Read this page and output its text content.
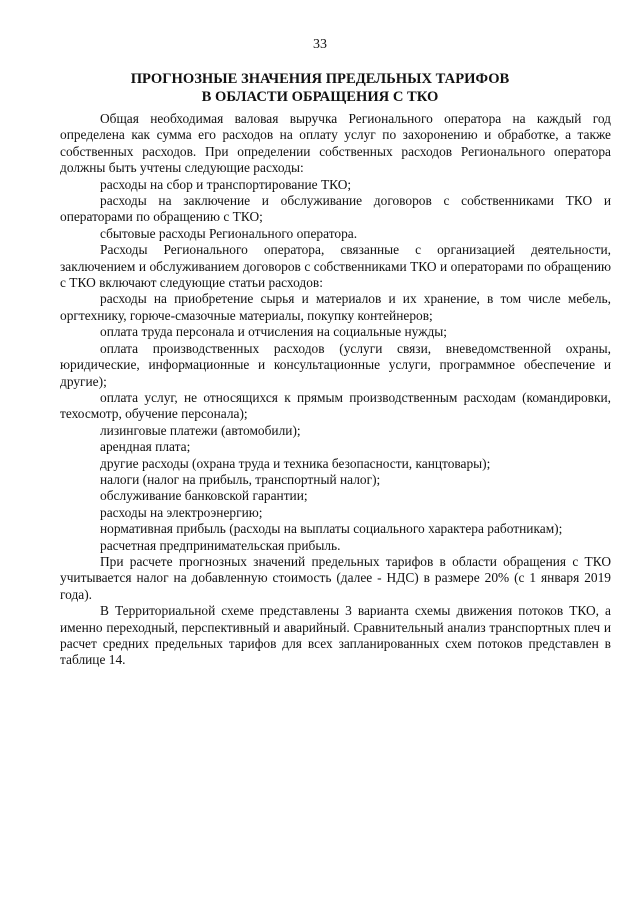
33
ПРОГНОЗНЫЕ ЗНАЧЕНИЯ ПРЕДЕЛЬНЫХ ТАРИФОВ
В ОБЛАСТИ ОБРАЩЕНИЯ С ТКО

Общая необходимая валовая выручка Регионального оператора на каждый год определена как сумма его расходов на оплату услуг по захоронению и обработке, а также собственных расходов. При определении собственных расходов Регионального оператора должны быть учтены следующие расходы:

расходы на сбор и транспортирование ТКО;

расходы на заключение и обслуживание договоров с собственниками ТКО и операторами по обращению с ТКО;

сбытовые расходы Регионального оператора.

Расходы Регионального оператора, связанные с организацией деятельности, заключением и обслуживанием договоров с собственниками ТКО и операторами по обращению с ТКО включают следующие статьи расходов:

расходы на приобретение сырья и материалов и их хранение, в том числе мебель, оргтехнику, горюче-смазочные материалы, покупку контейнеров;

оплата труда персонала и отчисления на социальные нужды;

оплата производственных расходов (услуги связи, вневедомственной охраны, юридические, информационные и консультационные услуги, программное обеспечение и другие);

оплата услуг, не относящихся к прямым производственным расходам (командировки, техосмотр, обучение персонала);

лизинговые платежи (автомобили);

арендная плата;

другие расходы (охрана труда и техника безопасности, канцтовары);

налоги (налог на прибыль, транспортный налог);

обслуживание банковской гарантии;

расходы на электроэнергию;

нормативная прибыль (расходы на выплаты социального характера работникам);

расчетная предпринимательская прибыль.

При расчете прогнозных значений предельных тарифов в области обращения с ТКО учитывается налог на добавленную стоимость (далее - НДС) в размере 20% (с 1 января 2019 года).

В Территориальной схеме представлены 3 варианта схемы движения потоков ТКО, а именно переходный, перспективный и аварийный. Сравнительный анализ транспортных плеч и расчет средних предельных тарифов для всех запланированных схем потоков представлен в таблице 14.
